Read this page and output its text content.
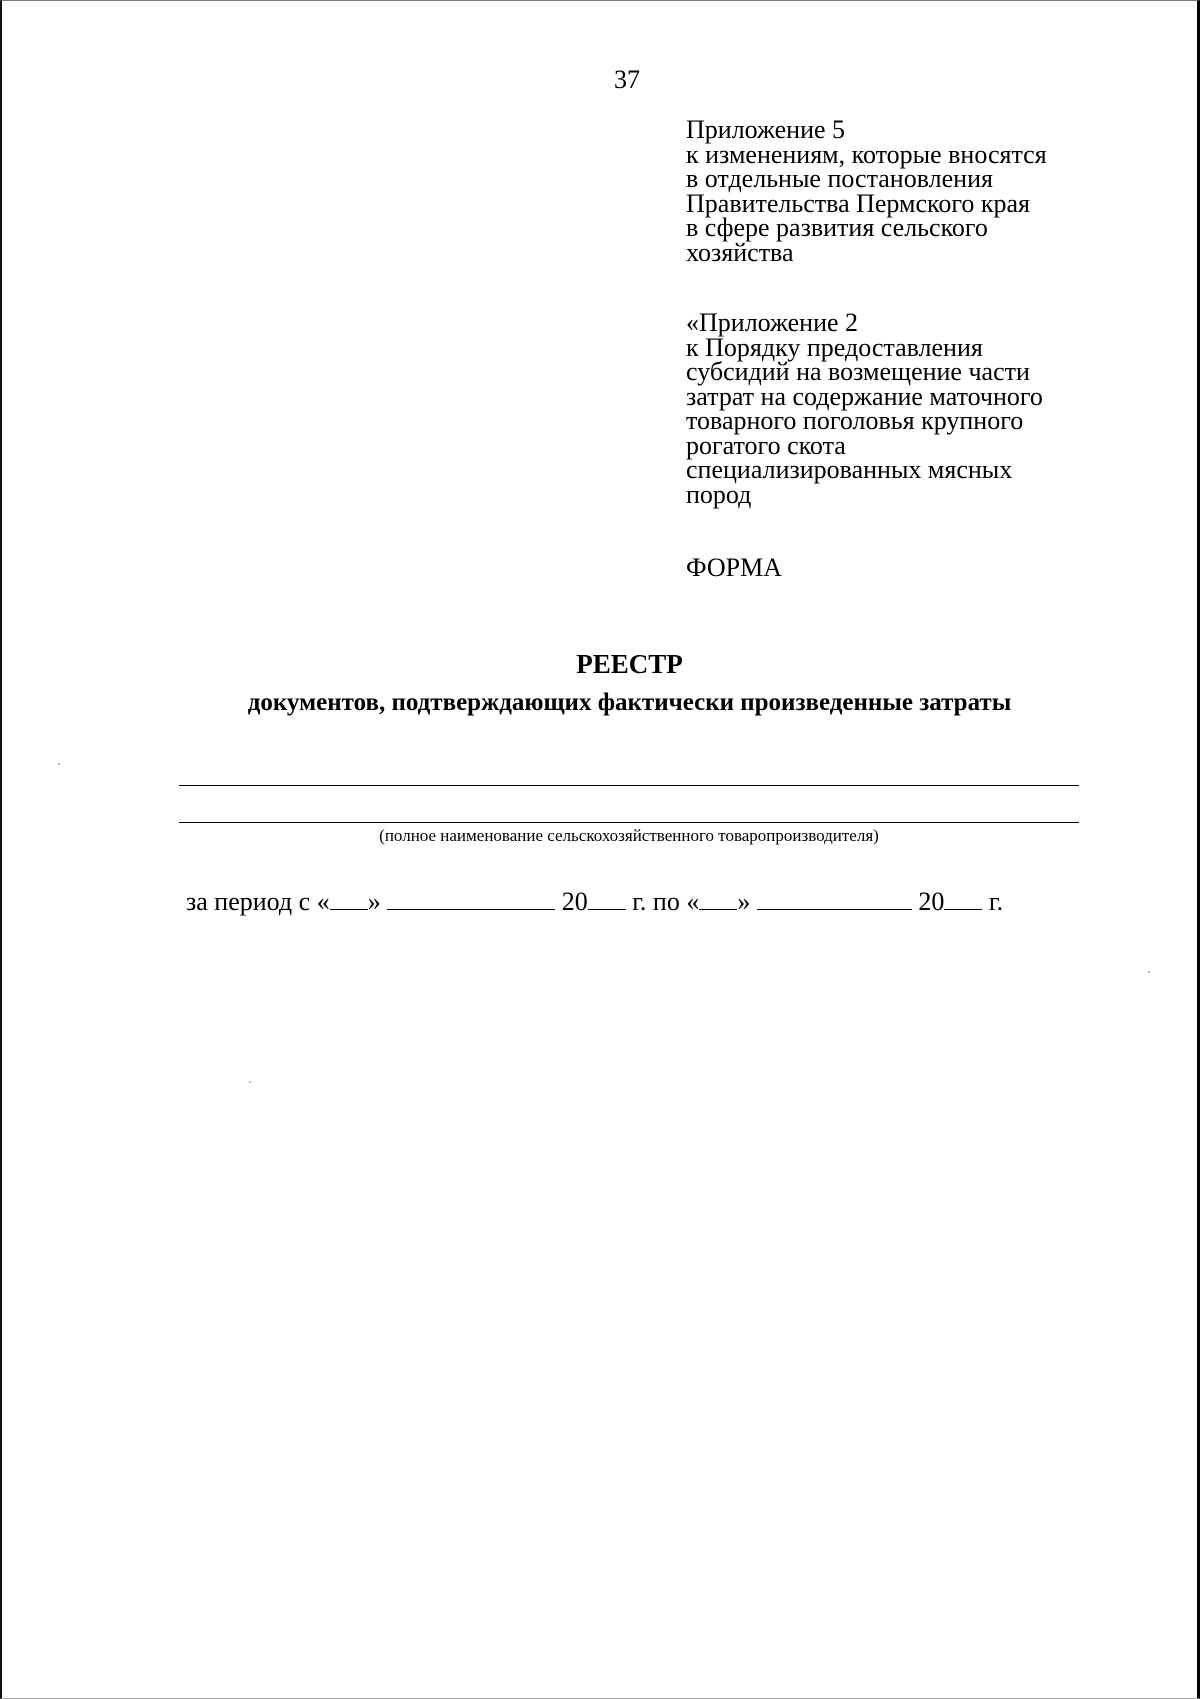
37
Приложение 5
к изменениям, которые вносятся
в отдельные постановления
Правительства Пермского края
в сфере развития сельского
хозяйства
«Приложение 2
к Порядку предоставления
субсидий на возмещение части
затрат на содержание маточного
товарного поголовья крупного
рогатого скота
специализированных мясных
пород
ФОРМА
РЕЕСТР
документов, подтверждающих фактически произведенные затраты
(полное наименование сельскохозяйственного товаропроизводителя)
за период с « »	20 г. по « »	20 г.
